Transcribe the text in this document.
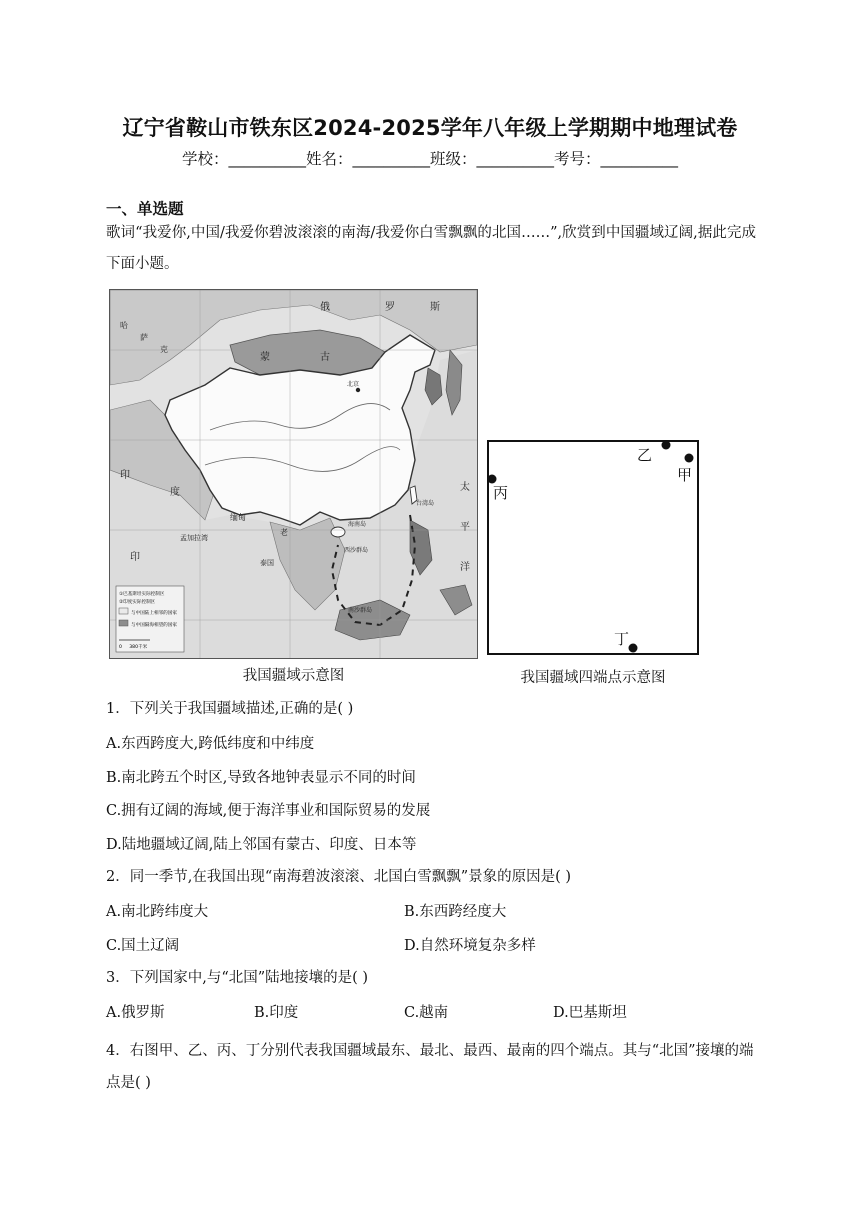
辽宁省鞍山市铁东区2024-2025学年八年级上学期期中地理试卷
学校：__________姓名：__________班级：__________考号：__________
一、单选题
歌词“我爱你,中国/我爱你碧波滚滚的南海/我爱你白雪飘飘的北国……”,欣赏到中国疆域辽阔,据此完成下面小题。
蒙	古
俄	罗	斯
北京
印
度
缅甸
老
泰国
台湾岛
海南岛
西沙群岛
南沙群岛
太
平
洋
印
孟加拉湾
哈
萨
克
①巴基斯坦实际控制区
②印度实际控制区
与中国陆上相邻的国家
与中国隔海相望的国家
0     380千米
我国疆域示意图
乙
甲
丙
丁
我国疆域四端点示意图
1．下列关于我国疆域描述,正确的是( )
A.东西跨度大,跨低纬度和中纬度
B.南北跨五个时区,导致各地钟表显示不同的时间
C.拥有辽阔的海域,便于海洋事业和国际贸易的发展
D.陆地疆域辽阔,陆上邻国有蒙古、印度、日本等
2．同一季节,在我国出现“南海碧波滚滚、北国白雪飘飘”景象的原因是( )
A.南北跨纬度大	B.东西跨经度大
C.国土辽阔	D.自然环境复杂多样
3．下列国家中,与“北国”陆地接壤的是( )
A.俄罗斯	B.印度	C.越南	D.巴基斯坦
4．右图甲、乙、丙、丁分别代表我国疆域最东、最北、最西、最南的四个端点。其与“北国”接壤的端点是( )
